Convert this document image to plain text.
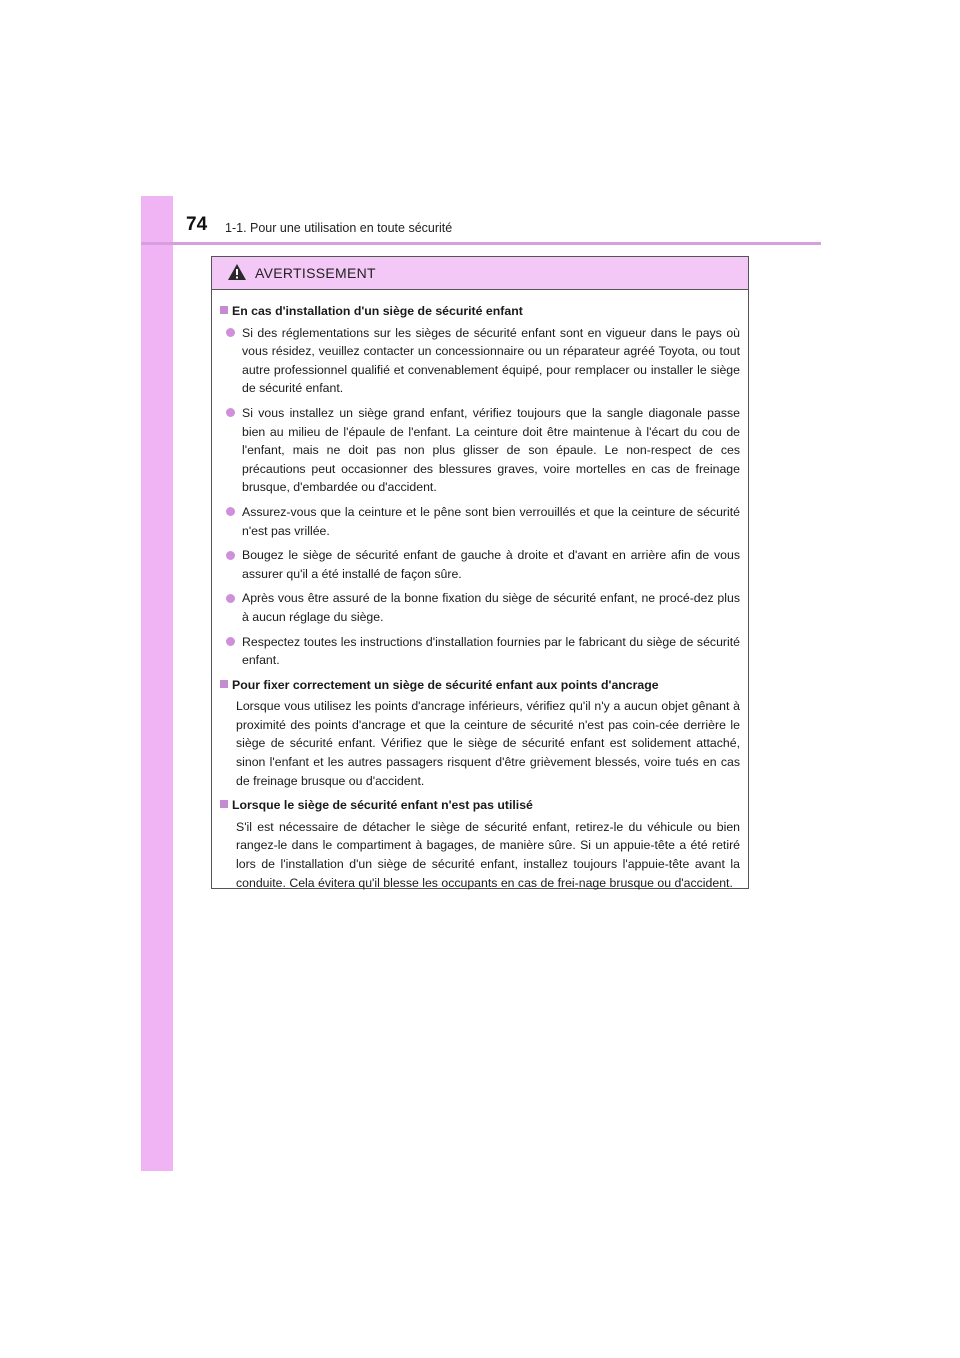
74 1-1. Pour une utilisation en toute sécurité
AVERTISSEMENT
En cas d'installation d'un siège de sécurité enfant
Si des réglementations sur les sièges de sécurité enfant sont en vigueur dans le pays où vous résidez, veuillez contacter un concessionnaire ou un réparateur agréé Toyota, ou tout autre professionnel qualifié et convenablement équipé, pour remplacer ou installer le siège de sécurité enfant.
Si vous installez un siège grand enfant, vérifiez toujours que la sangle diagonale passe bien au milieu de l'épaule de l'enfant. La ceinture doit être maintenue à l'écart du cou de l'enfant, mais ne doit pas non plus glisser de son épaule. Le non-respect de ces précautions peut occasionner des blessures graves, voire mortelles en cas de freinage brusque, d'embardée ou d'accident.
Assurez-vous que la ceinture et le pêne sont bien verrouillés et que la ceinture de sécurité n'est pas vrillée.
Bougez le siège de sécurité enfant de gauche à droite et d'avant en arrière afin de vous assurer qu'il a été installé de façon sûre.
Après vous être assuré de la bonne fixation du siège de sécurité enfant, ne procé-dez plus à aucun réglage du siège.
Respectez toutes les instructions d'installation fournies par le fabricant du siège de sécurité enfant.
Pour fixer correctement un siège de sécurité enfant aux points d'ancrage
Lorsque vous utilisez les points d'ancrage inférieurs, vérifiez qu'il n'y a aucun objet gênant à proximité des points d'ancrage et que la ceinture de sécurité n'est pas coin-cée derrière le siège de sécurité enfant. Vérifiez que le siège de sécurité enfant est solidement attaché, sinon l'enfant et les autres passagers risquent d'être grièvement blessés, voire tués en cas de freinage brusque ou d'accident.
Lorsque le siège de sécurité enfant n'est pas utilisé
S'il est nécessaire de détacher le siège de sécurité enfant, retirez-le du véhicule ou bien rangez-le dans le compartiment à bagages, de manière sûre. Si un appuie-tête a été retiré lors de l'installation d'un siège de sécurité enfant, installez toujours l'appuie-tête avant la conduite. Cela évitera qu'il blesse les occupants en cas de frei-nage brusque ou d'accident.
